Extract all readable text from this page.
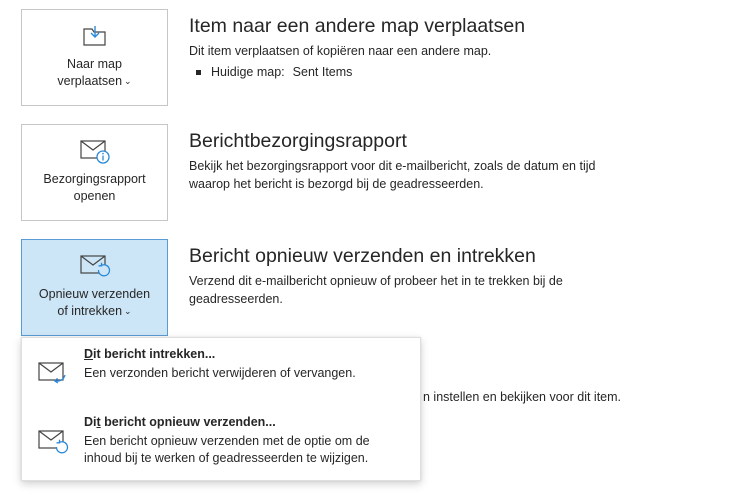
Naar map
verplaatsen ⌄
Item naar een andere map verplaatsen
Dit item verplaatsen of kopiëren naar een andere map.
Huidige map: Sent Items
Bezorgingsrapport
openen
Berichtbezorgingsrapport
Bekijk het bezorgingsrapport voor dit e-mailbericht, zoals de datum en tijd
waarop het bericht is bezorgd bij de geadresseerden.
Opnieuw verzenden
of intrekken ⌄
Bericht opnieuw verzenden en intrekken
Verzend dit e-mailbericht opnieuw of probeer het in te trekken bij de
geadresseerden.
n instellen en bekijken voor dit item.
Dit bericht intrekken...
Een verzonden bericht verwijderen of vervangen.
Dit bericht opnieuw verzenden...
Een bericht opnieuw verzenden met de optie om de
inhoud bij te werken of geadresseerden te wijzigen.
